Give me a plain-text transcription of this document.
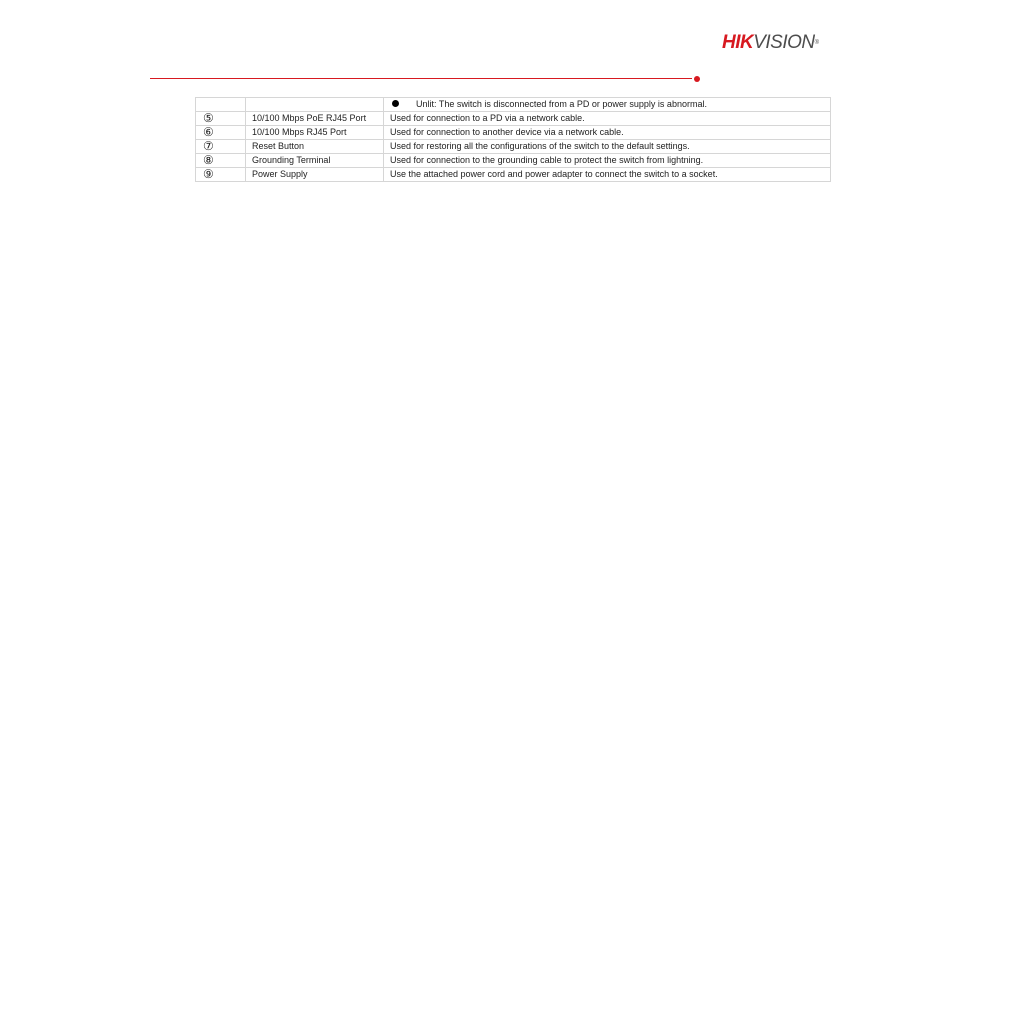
HIKVISION®
		Unlit: The switch is disconnected from a PD or power supply is abnormal.
⑤	10/100 Mbps PoE RJ45 Port	Used for connection to a PD via a network cable.
⑥	10/100 Mbps RJ45 Port	Used for connection to another device via a network cable.
⑦	Reset Button	Used for restoring all the configurations of the switch to the default settings.
⑧	Grounding Terminal	Used for connection to the grounding cable to protect the switch from lightning.
⑨	Power Supply	Use the attached power cord and power adapter to connect the switch to a socket.
